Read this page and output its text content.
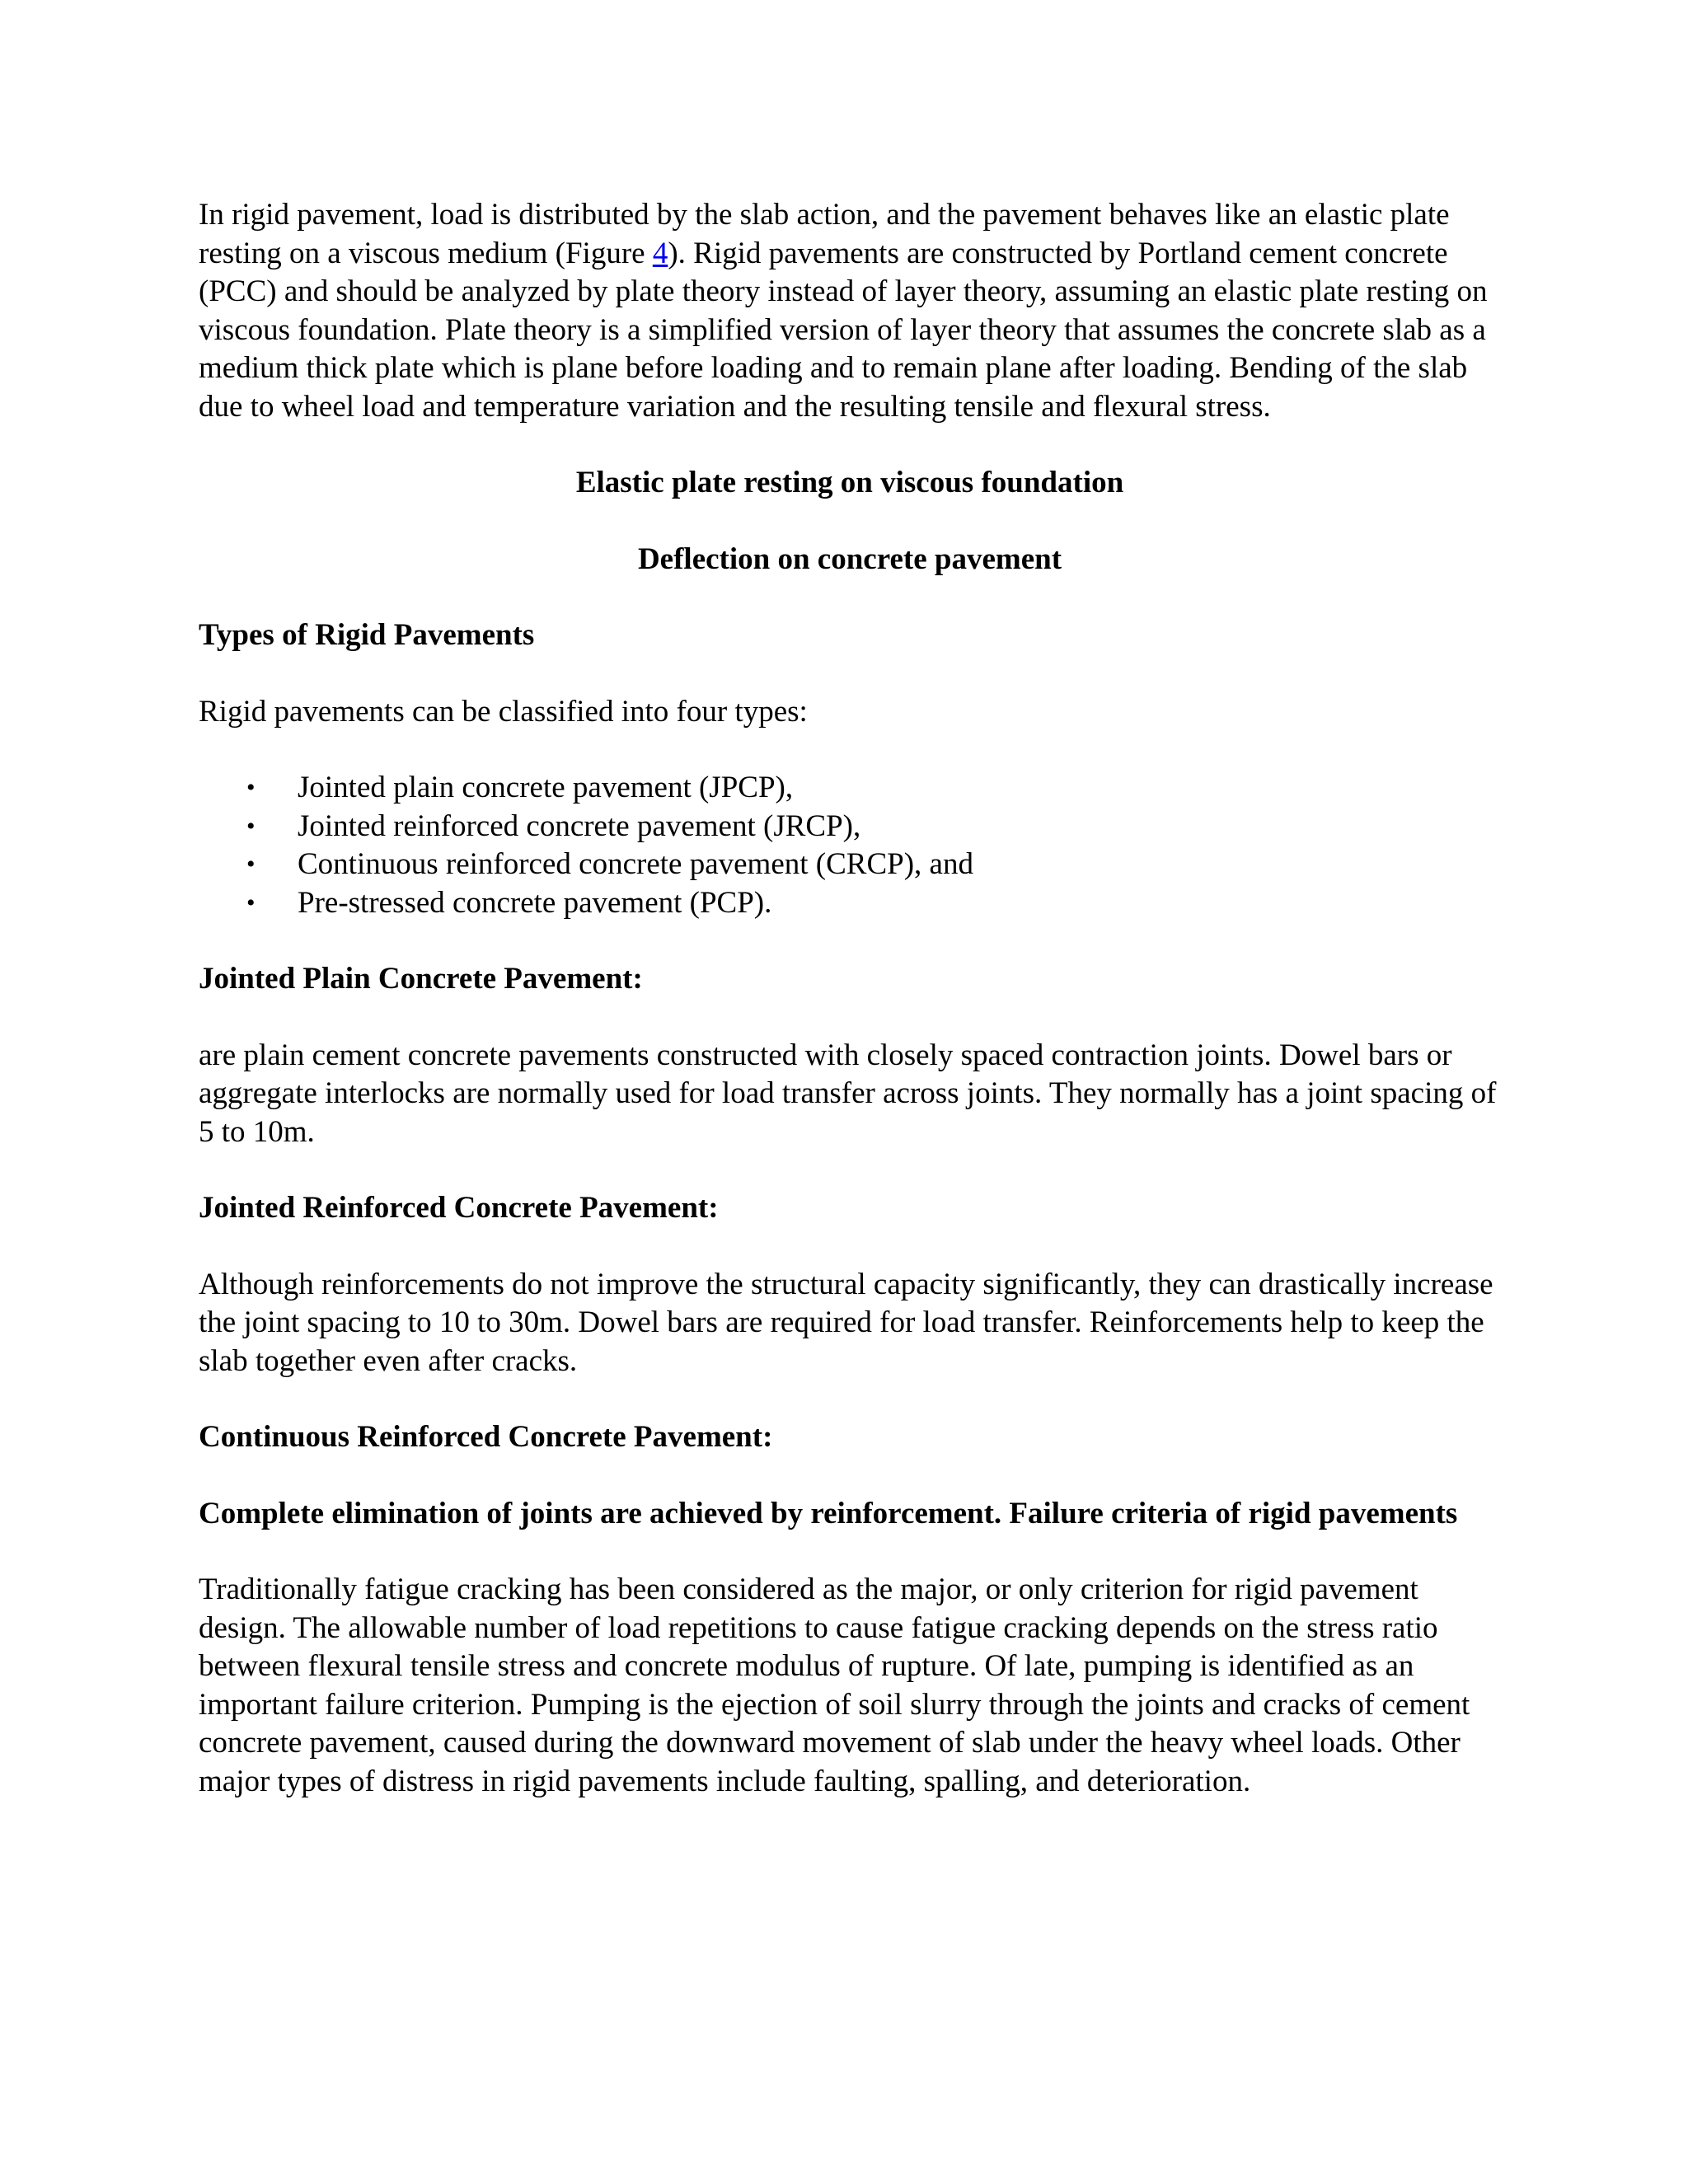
In rigid pavement, load is distributed by the slab action, and the pavement behaves like an elastic plate resting on a viscous medium (Figure 4). Rigid pavements are constructed by Portland cement concrete (PCC) and should be analyzed by plate theory instead of layer theory, assuming an elastic plate resting on viscous foundation. Plate theory is a simplified version of layer theory that assumes the concrete slab as a medium thick plate which is plane before loading and to remain plane after loading. Bending of the slab due to wheel load and temperature variation and the resulting tensile and flexural stress.

Elastic plate resting on viscous foundation

Deflection on concrete pavement

Types of Rigid Pavements

Rigid pavements can be classified into four types:

• Jointed plain concrete pavement (JPCP),
• Jointed reinforced concrete pavement (JRCP),
• Continuous reinforced concrete pavement (CRCP), and
• Pre-stressed concrete pavement (PCP).

Jointed Plain Concrete Pavement:

are plain cement concrete pavements constructed with closely spaced contraction joints. Dowel bars or aggregate interlocks are normally used for load transfer across joints. They normally has a joint spacing of 5 to 10m.

Jointed Reinforced Concrete Pavement:

Although reinforcements do not improve the structural capacity significantly, they can drastically increase the joint spacing to 10 to 30m. Dowel bars are required for load transfer. Reinforcements help to keep the slab together even after cracks.

Continuous Reinforced Concrete Pavement:

Complete elimination of joints are achieved by reinforcement. Failure criteria of rigid pavements

Traditionally fatigue cracking has been considered as the major, or only criterion for rigid pavement design. The allowable number of load repetitions to cause fatigue cracking depends on the stress ratio between flexural tensile stress and concrete modulus of rupture. Of late, pumping is identified as an important failure criterion. Pumping is the ejection of soil slurry through the joints and cracks of cement concrete pavement, caused during the downward movement of slab under the heavy wheel loads. Other major types of distress in rigid pavements include faulting, spalling, and deterioration.
